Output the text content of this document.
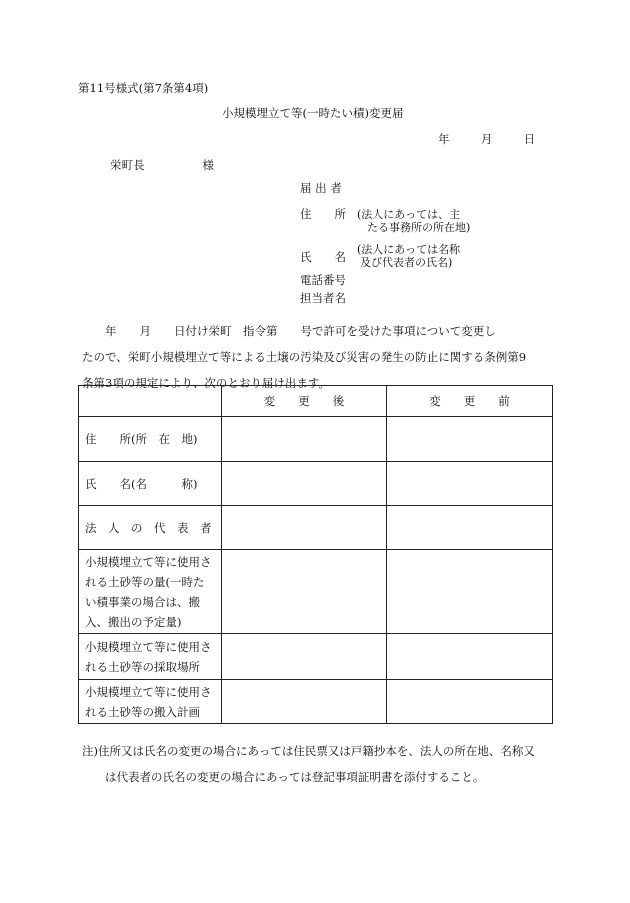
第11号様式(第7条第4項)
小規模埋立て等(一時たい積)変更届
年	月	日
栄町長	様
届 出 者
住　　所 (法人にあっては、主
たる事務所の所在地)
氏　　名
(法人にあっては名称
及び代表者の氏名)
電話番号
担当者名

　　年　　月　　日付け栄町　指令第　　号で許可を受けた事項について変更し

たので、栄町小規模埋立て等による土壌の汚染及び災害の発生の防止に関する条例第9

条第3項の規定により、次のとおり届け出ます。

	変　　更　　後	変　　更　　前
住　　所(所　在　地)		
氏　　名(名　　　称)		
法　人　の　代　表　者		
小規模埋立て等に使用される土砂等の量(一時たい積事業の場合は、搬入、搬出の予定量)		
小規模埋立て等に使用される土砂等の採取場所		
小規模埋立て等に使用される土砂等の搬入計画		

注)住所又は氏名の変更の場合にあっては住民票又は戸籍抄本を、法人の所在地、名称又

　　は代表者の氏名の変更の場合にあっては登記事項証明書を添付すること。
